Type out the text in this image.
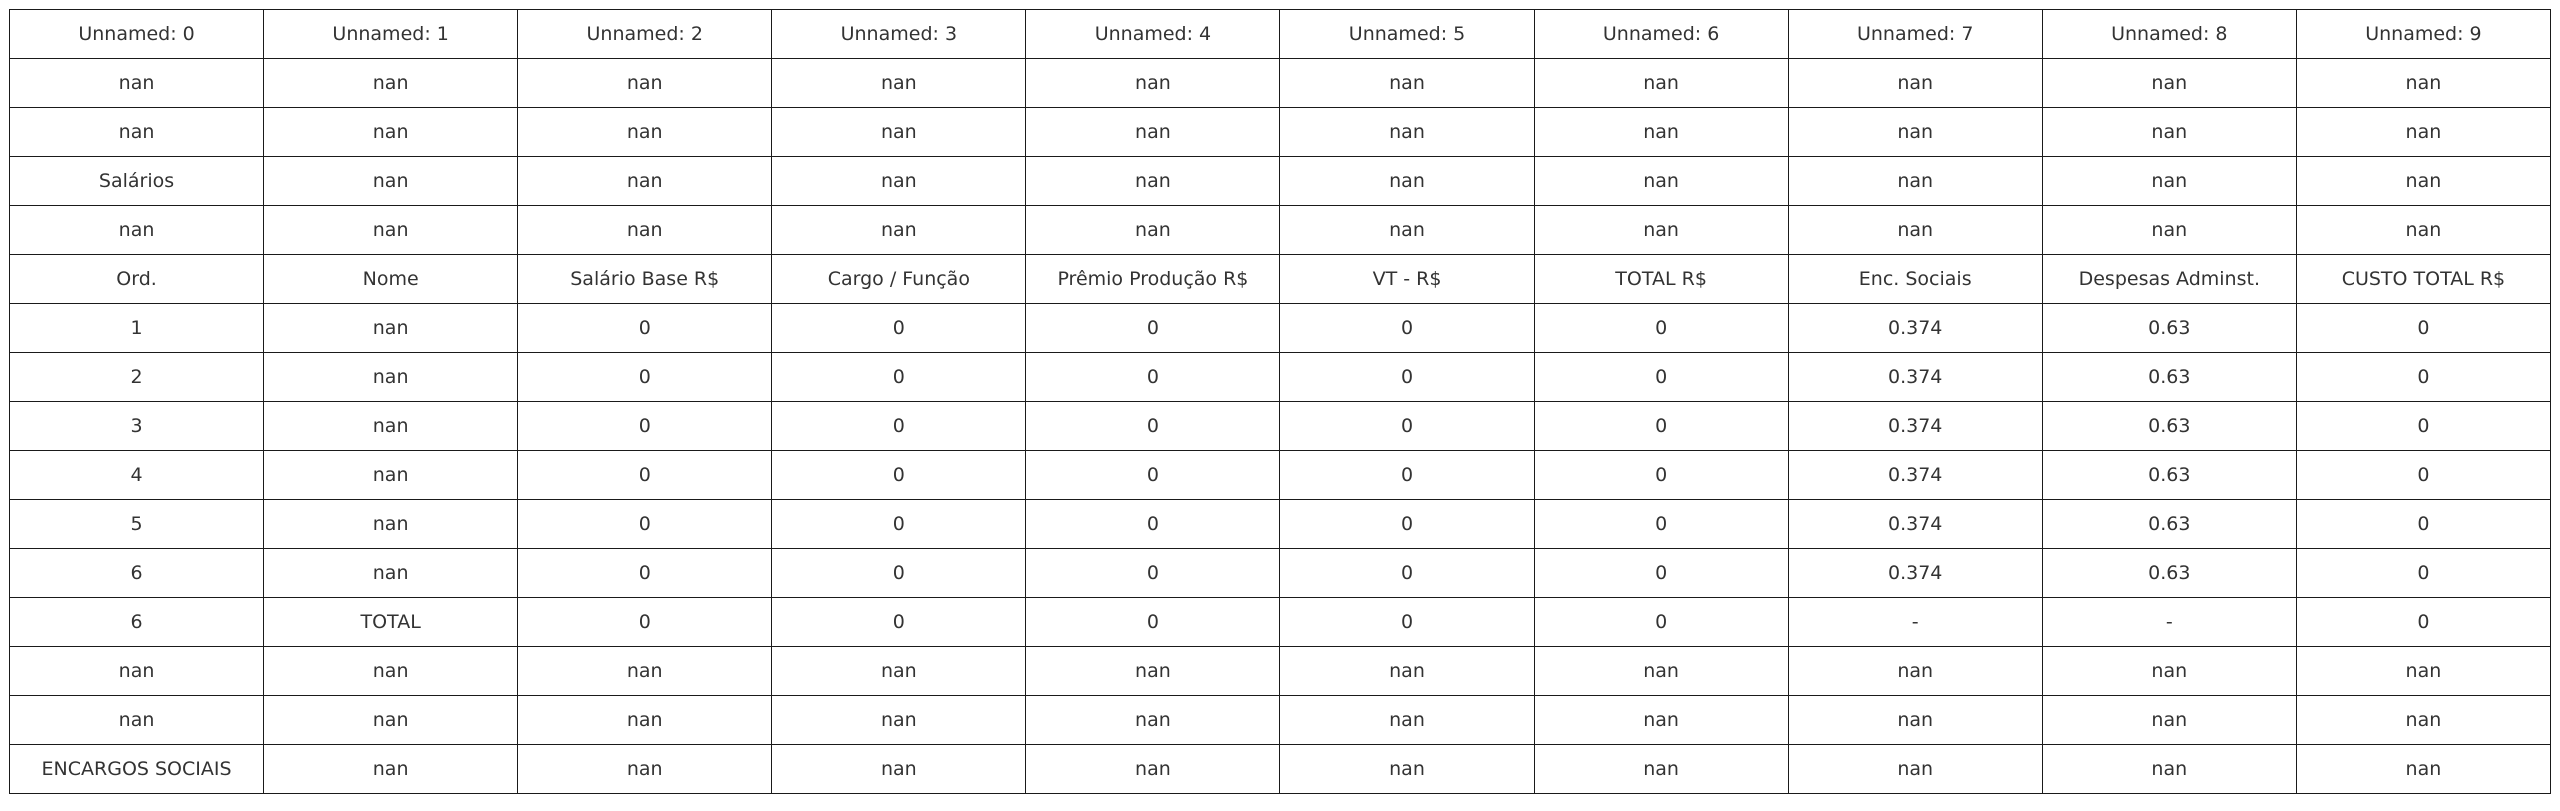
Unnamed: 0	Unnamed: 1	Unnamed: 2	Unnamed: 3	Unnamed: 4	Unnamed: 5	Unnamed: 6	Unnamed: 7	Unnamed: 8	Unnamed: 9
nan	nan	nan	nan	nan	nan	nan	nan	nan	nan
nan	nan	nan	nan	nan	nan	nan	nan	nan	nan
Salários	nan	nan	nan	nan	nan	nan	nan	nan	nan
nan	nan	nan	nan	nan	nan	nan	nan	nan	nan
Ord.	Nome	Salário Base R$	Cargo / Função	Prêmio Produção R$	VT - R$	TOTAL R$	Enc. Sociais	Despesas Adminst.	CUSTO TOTAL R$
1	nan	0	0	0	0	0	0.374	0.63	0
2	nan	0	0	0	0	0	0.374	0.63	0
3	nan	0	0	0	0	0	0.374	0.63	0
4	nan	0	0	0	0	0	0.374	0.63	0
5	nan	0	0	0	0	0	0.374	0.63	0
6	nan	0	0	0	0	0	0.374	0.63	0
6	TOTAL	0	0	0	0	0	-	-	0
nan	nan	nan	nan	nan	nan	nan	nan	nan	nan
nan	nan	nan	nan	nan	nan	nan	nan	nan	nan
ENCARGOS SOCIAIS	nan	nan	nan	nan	nan	nan	nan	nan	nan
